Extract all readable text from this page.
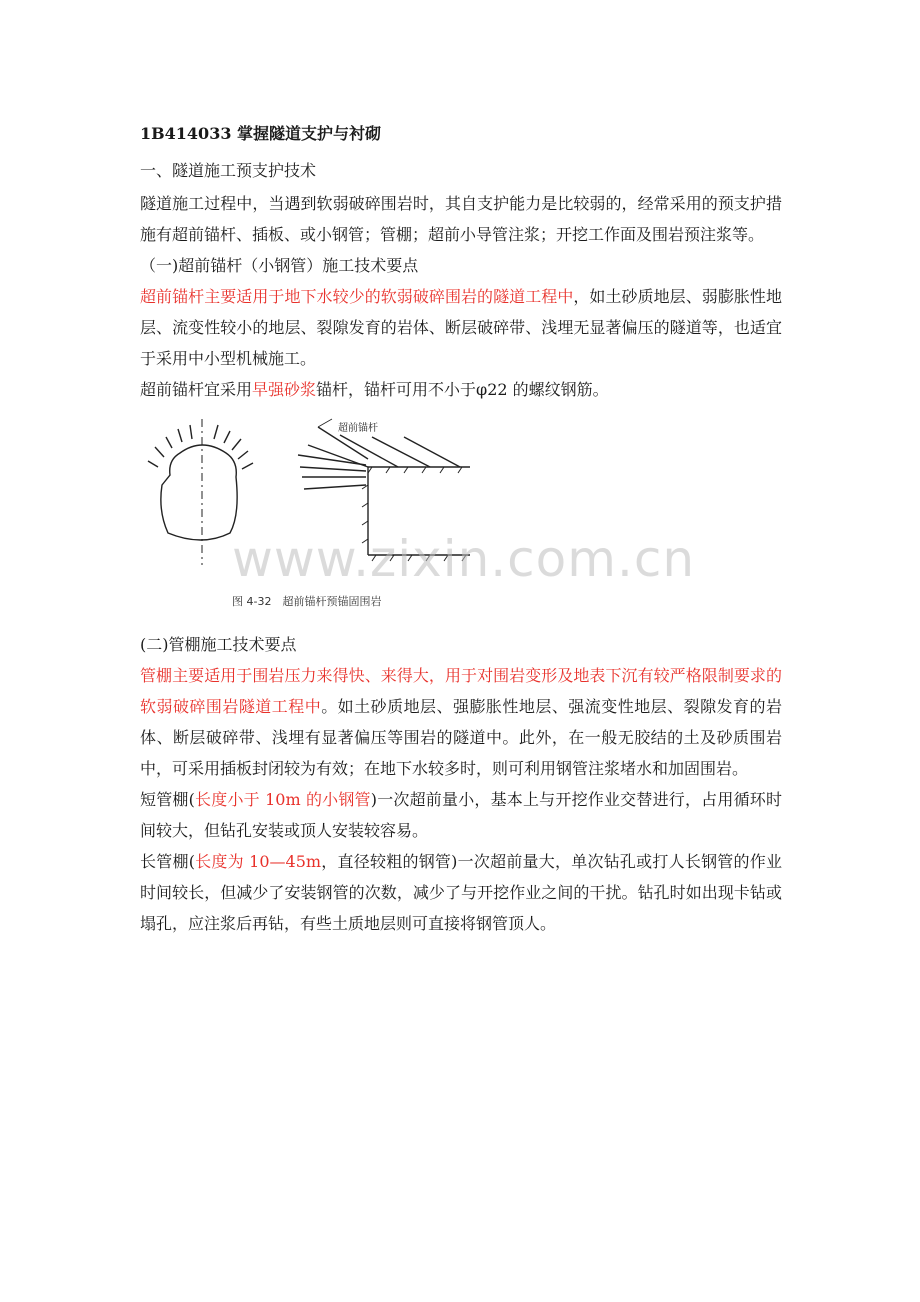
1B414033 掌握隧道支护与衬砌

一、隧道施工预支护技术

隧道施工过程中，当遇到软弱破碎围岩时，其自支护能力是比较弱的，经常采用的预支护措施有超前锚杆、插板、或小钢管；管棚；超前小导管注浆；开挖工作面及围岩预注浆等。

（一)超前锚杆（小钢管）施工技术要点

超前锚杆主要适用于地下水较少的软弱破碎围岩的隧道工程中，如土砂质地层、弱膨胀性地层、流变性较小的地层、裂隙发育的岩体、断层破碎带、浅埋无显著偏压的隧道等，也适宜于采用中小型机械施工。

超前锚杆宜采用早强砂浆锚杆，锚杆可用不小于φ22 的螺纹钢筋。

超前锚杆
www.zixin.com.cn
图 4-32　超前锚杆预锚固围岩

(二)管棚施工技术要点

管棚主要适用于围岩压力来得快、来得大，用于对围岩变形及地表下沉有较严格限制要求的软弱破碎围岩隧道工程中。如土砂质地层、强膨胀性地层、强流变性地层、裂隙发育的岩体、断层破碎带、浅埋有显著偏压等围岩的隧道中。此外，在一般无胶结的土及砂质围岩中，可采用插板封闭较为有效；在地下水较多时，则可利用钢管注浆堵水和加固围岩。

短管棚(长度小于 10m 的小钢管)一次超前量小，基本上与开挖作业交替进行，占用循环时间较大，但钻孔安装或顶人安装较容易。

长管棚(长度为 10—45m，直径较粗的钢管)一次超前量大，单次钻孔或打人长钢管的作业时间较长，但减少了安装钢管的次数，减少了与开挖作业之间的干扰。钻孔时如出现卡钻或塌孔，应注浆后再钻，有些土质地层则可直接将钢管顶人。
